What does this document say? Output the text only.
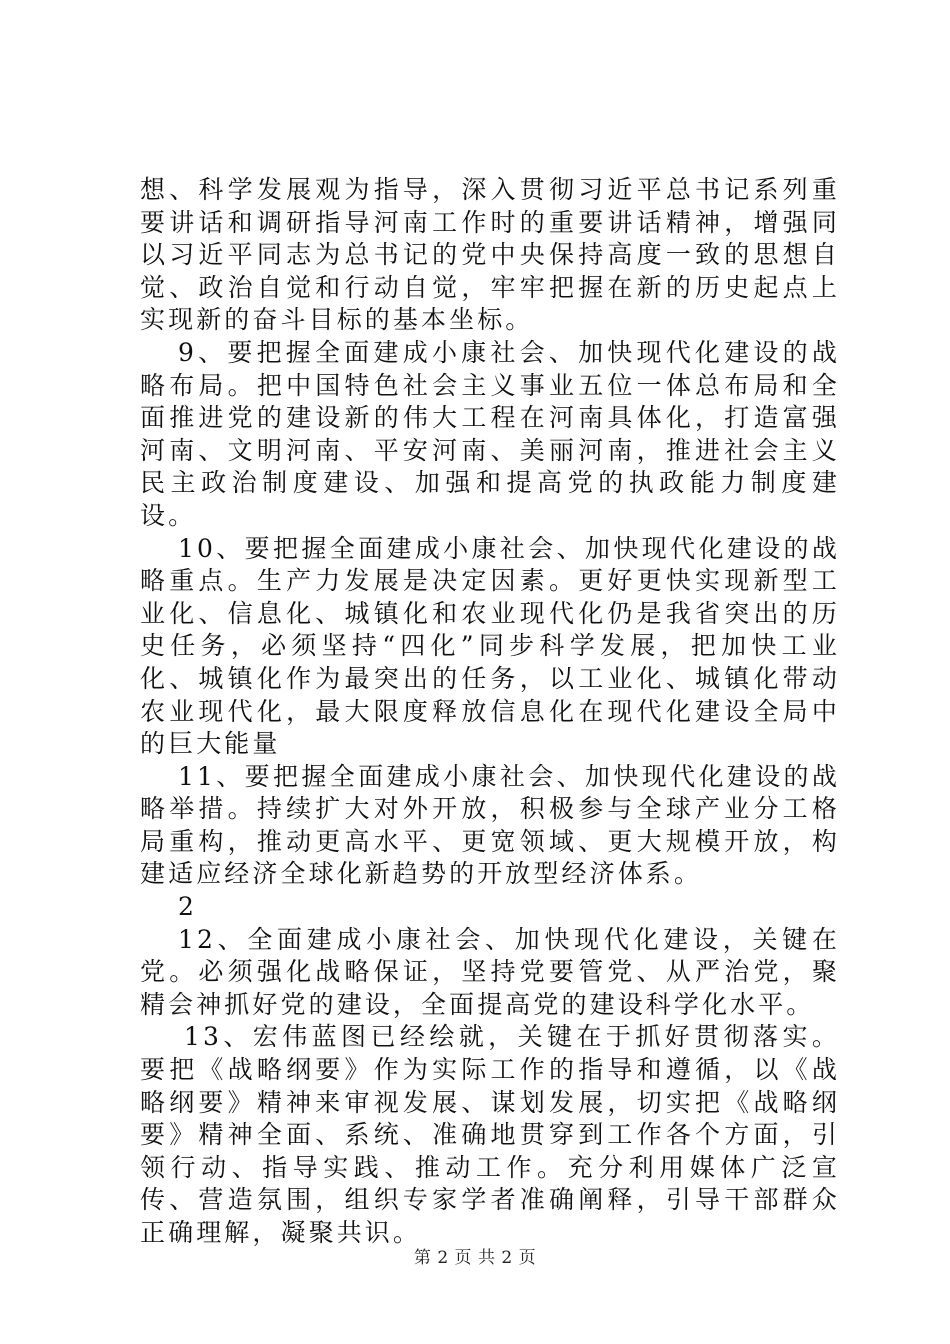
想、科学发展观为指导，深入贯彻习近平总书记系列重要讲话和调研指导河南工作时的重要讲话精神，增强同以习近平同志为总书记的党中央保持高度一致的思想自觉、政治自觉和行动自觉，牢牢把握在新的历史起点上实现新的奋斗目标的基本坐标。

9、要把握全面建成小康社会、加快现代化建设的战略布局。把中国特色社会主义事业五位一体总布局和全面推进党的建设新的伟大工程在河南具体化，打造富强河南、文明河南、平安河南、美丽河南，推进社会主义民主政治制度建设、加强和提高党的执政能力制度建设。

10、要把握全面建成小康社会、加快现代化建设的战略重点。生产力发展是决定因素。更好更快实现新型工业化、信息化、城镇化和农业现代化仍是我省突出的历史任务，必须坚持“四化”同步科学发展，把加快工业化、城镇化作为最突出的任务，以工业化、城镇化带动农业现代化，最大限度释放信息化在现代化建设全局中的巨大能量

11、要把握全面建成小康社会、加快现代化建设的战略举措。持续扩大对外开放，积极参与全球产业分工格局重构，推动更高水平、更宽领域、更大规模开放，构建适应经济全球化新趋势的开放型经济体系。

2

12、全面建成小康社会、加快现代化建设，关键在党。必须强化战略保证，坚持党要管党、从严治党，聚精会神抓好党的建设，全面提高党的建设科学化水平。

13、宏伟蓝图已经绘就，关键在于抓好贯彻落实。要把《战略纲要》作为实际工作的指导和遵循，以《战略纲要》精神来审视发展、谋划发展，切实把《战略纲要》精神全面、系统、准确地贯穿到工作各个方面，引领行动、指导实践、推动工作。充分利用媒体广泛宣传、营造氛围，组织专家学者准确阐释，引导干部群众正确理解，凝聚共识。

第 2 页 共 2 页
